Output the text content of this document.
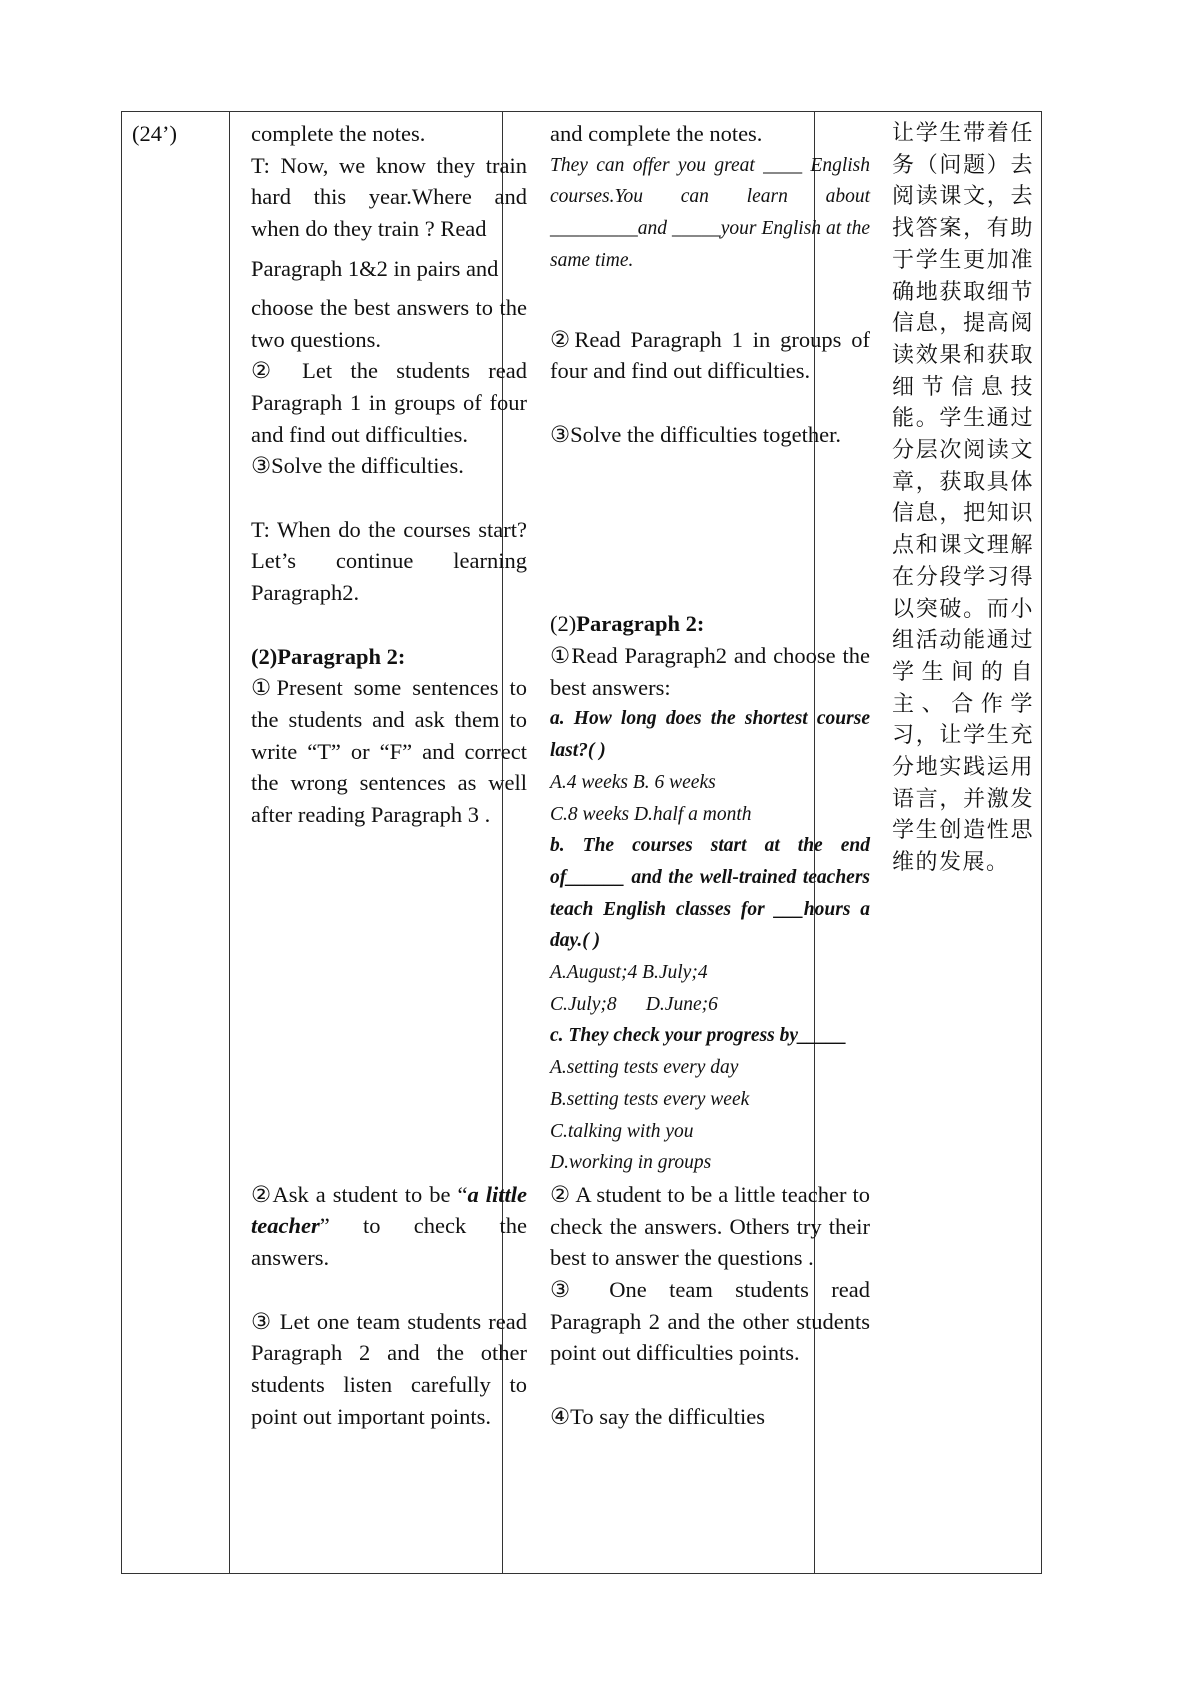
(24’)	complete the notes.

T: Now, we know they train hard this year.Where and when do they train ? Read

Paragraph 1&2 in pairs and

choose the best answers to the two questions.

② Let the students read Paragraph 1 in groups of four and find out difficulties.

③Solve the difficulties.

T: When do the courses start? Let’s continue learning Paragraph2.

(2)Paragraph 2:

①Present some sentences to the students and ask them to write “T” or “F” and correct the wrong sentences as well after reading Paragraph 3 .

②Ask a student to be “a little teacher” to check the answers.

③ Let one team students read Paragraph 2 and the other students listen carefully to point out important points.

and complete the notes.

They can offer you great ____ English courses.You can learn about _________and _____your English at the same time.

②Read Paragraph 1 in groups of four and find out difficulties.

③Solve the difficulties together.

(2)Paragraph 2:

①Read Paragraph2 and choose the best answers:

a. How long does the shortest course last?( )

A.4 weeks B. 6 weeks

C.8 weeks D.half a month

b. The courses start at the end of______ and the well-trained teachers teach English classes for ___hours a day.( )

A.August;4 B.July;4

C.July;8      D.June;6

c. They check your progress by_____

A.setting tests every day

B.setting tests every week

C.talking with you

D.working in groups

② A student to be a little teacher to check the answers. Others try their best to answer the questions .

③ One team students read Paragraph 2 and the other students point out difficulties points.

④To say the difficulties

让学生带着任务（问题）去阅读课文，去找答案，有助于学生更加准确地获取细节信息，提高阅读效果和获取细节信息技能。学生通过分层次阅读文章，获取具体信息，把知识点和课文理解在分段学习得以突破。而小组活动能通过学生间的自主、合作学习，让学生充分地实践运用语言，并激发学生创造性思维的发展。
